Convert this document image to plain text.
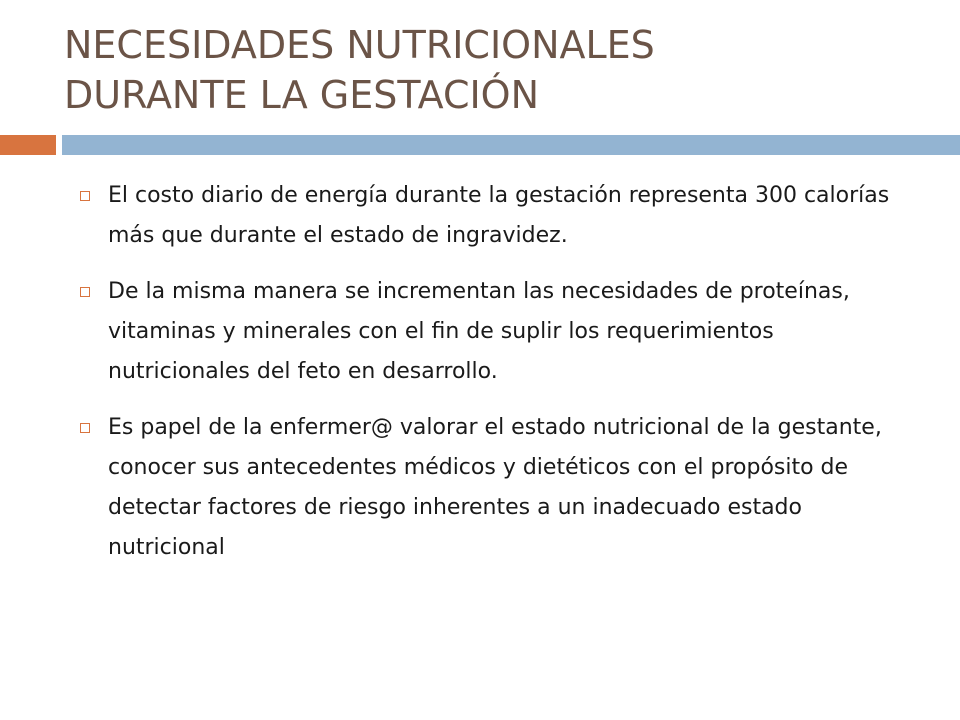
NECESIDADES NUTRICIONALES
DURANTE LA GESTACIÓN
El costo diario de energía durante la gestación representa 300 calorías más que durante el estado de ingravidez.
De la misma manera se incrementan las necesidades de proteínas, vitaminas y minerales con el fin de suplir los requerimientos nutricionales del feto en desarrollo.
Es papel de la enfermer@ valorar el estado nutricional de la gestante, conocer sus antecedentes médicos y dietéticos con el propósito de detectar factores de riesgo inherentes a un inadecuado estado nutricional
